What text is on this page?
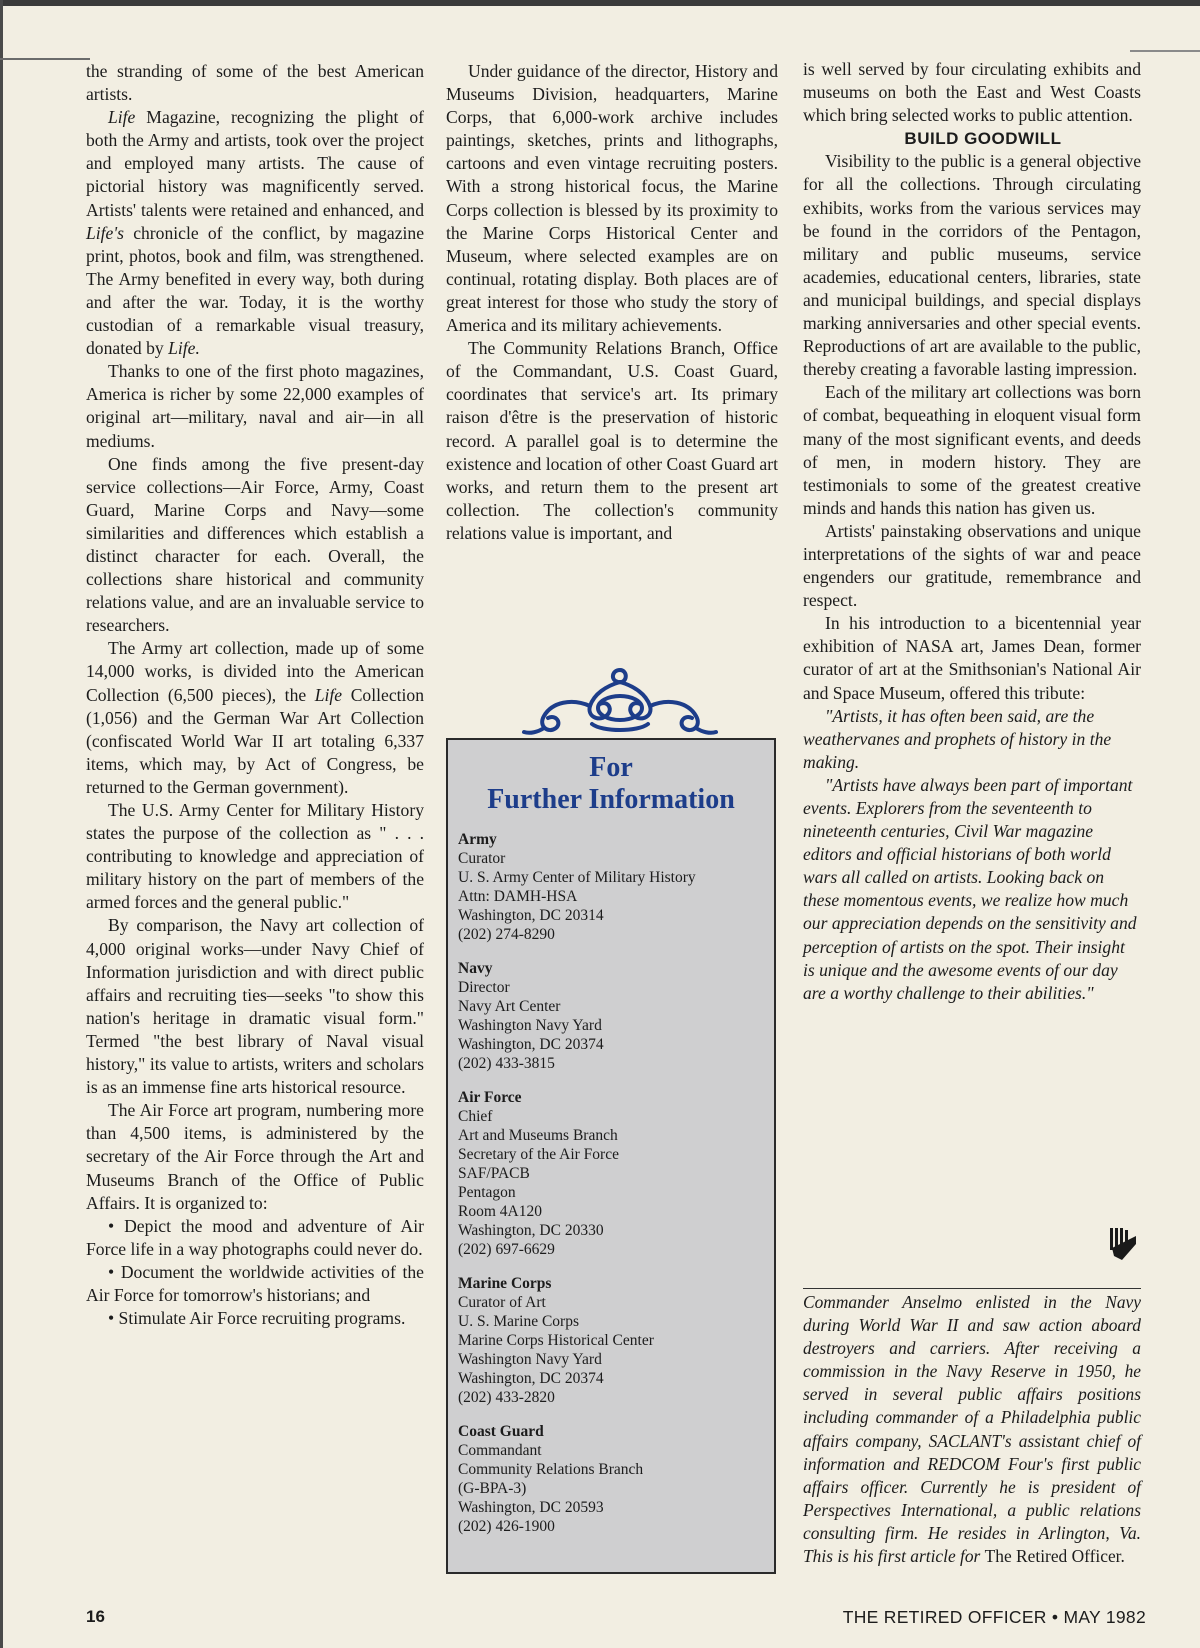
the stranding of some of the best American artists.

Life Magazine, recognizing the plight of both the Army and artists, took over the project and employed many artists. The cause of pictorial history was magnificently served. Artists' talents were retained and enhanced, and Life's chronicle of the conflict, by magazine print, photos, book and film, was strengthened. The Army benefited in every way, both during and after the war. Today, it is the worthy custodian of a remarkable visual treasury, donated by Life.

Thanks to one of the first photo magazines, America is richer by some 22,000 examples of original art—military, naval and air—in all mediums.

One finds among the five present-day service collections—Air Force, Army, Coast Guard, Marine Corps and Navy—some similarities and differences which establish a distinct character for each. Overall, the collections share historical and community relations value, and are an invaluable service to researchers.

The Army art collection, made up of some 14,000 works, is divided into the American Collection (6,500 pieces), the Life Collection (1,056) and the German War Art Collection (confiscated World War II art totaling 6,337 items, which may, by Act of Congress, be returned to the German government).

The U.S. Army Center for Military History states the purpose of the collection as " . . . contributing to knowledge and appreciation of military history on the part of members of the armed forces and the general public."

By comparison, the Navy art collection of 4,000 original works—under Navy Chief of Information jurisdiction and with direct public affairs and recruiting ties—seeks "to show this nation's heritage in dramatic visual form." Termed "the best library of Naval visual history," its value to artists, writers and scholars is as an immense fine arts historical resource.

The Air Force art program, numbering more than 4,500 items, is administered by the secretary of the Air Force through the Art and Museums Branch of the Office of Public Affairs. It is organized to:

• Depict the mood and adventure of Air Force life in a way photographs could never do.

• Document the worldwide activities of the Air Force for tomorrow's historians; and

• Stimulate Air Force recruiting programs.

Under guidance of the director, History and Museums Division, headquarters, Marine Corps, that 6,000-work archive includes paintings, sketches, prints and lithographs, cartoons and even vintage recruiting posters. With a strong historical focus, the Marine Corps collection is blessed by its proximity to the Marine Corps Historical Center and Museum, where selected examples are on continual, rotating display. Both places are of great interest for those who study the story of America and its military achievements.

The Community Relations Branch, Office of the Commandant, U.S. Coast Guard, coordinates that service's art. Its primary raison d'être is the preservation of historic record. A parallel goal is to determine the existence and location of other Coast Guard art works, and return them to the present art collection. The collection's community relations value is important, and

For

Further Information

Army
Curator
U. S. Army Center of Military History
Attn: DAMH-HSA
Washington, DC 20314
(202) 274-8290
Navy
Director
Navy Art Center
Washington Navy Yard
Washington, DC 20374
(202) 433-3815
Air Force
Chief
Art and Museums Branch
Secretary of the Air Force
SAF/PACB
Pentagon
Room 4A120
Washington, DC 20330
(202) 697-6629
Marine Corps
Curator of Art
U. S. Marine Corps
Marine Corps Historical Center
Washington Navy Yard
Washington, DC 20374
(202) 433-2820
Coast Guard
Commandant
Community Relations Branch
(G-BPA-3)
Washington, DC 20593
(202) 426-1900

is well served by four circulating exhibits and museums on both the East and West Coasts which bring selected works to public attention.

BUILD GOODWILL

Visibility to the public is a general objective for all the collections. Through circulating exhibits, works from the various services may be found in the corridors of the Pentagon, military and public museums, service academies, educational centers, libraries, state and municipal buildings, and special displays marking anniversaries and other special events. Reproductions of art are available to the public, thereby creating a favorable lasting impression.

Each of the military art collections was born of combat, bequeathing in eloquent visual form many of the most significant events, and deeds of men, in modern history. They are testimonials to some of the greatest creative minds and hands this nation has given us.

Artists' painstaking observations and unique interpretations of the sights of war and peace engenders our gratitude, remembrance and respect.

In his introduction to a bicentennial year exhibition of NASA art, James Dean, former curator of art at the Smithsonian's National Air and Space Museum, offered this tribute:

"Artists, it has often been said, are the weathervanes and prophets of history in the making.

"Artists have always been part of important events. Explorers from the seventeenth to nineteenth centuries, Civil War magazine editors and official historians of both world wars all called on artists. Looking back on these momentous events, we realize how much our appreciation depends on the sensitivity and perception of artists on the spot. Their insight is unique and the awesome events of our day are a worthy challenge to their abilities."

Commander Anselmo enlisted in the Navy during World War II and saw action aboard destroyers and carriers. After receiving a commission in the Navy Reserve in 1950, he served in several public affairs positions including commander of a Philadelphia public affairs company, SACLANT's assistant chief of information and REDCOM Four's first public affairs officer. Currently he is president of Perspectives International, a public relations consulting firm. He resides in Arlington, Va. This is his first article for The Retired Officer.
16	THE RETIRED OFFICER • MAY 1982
